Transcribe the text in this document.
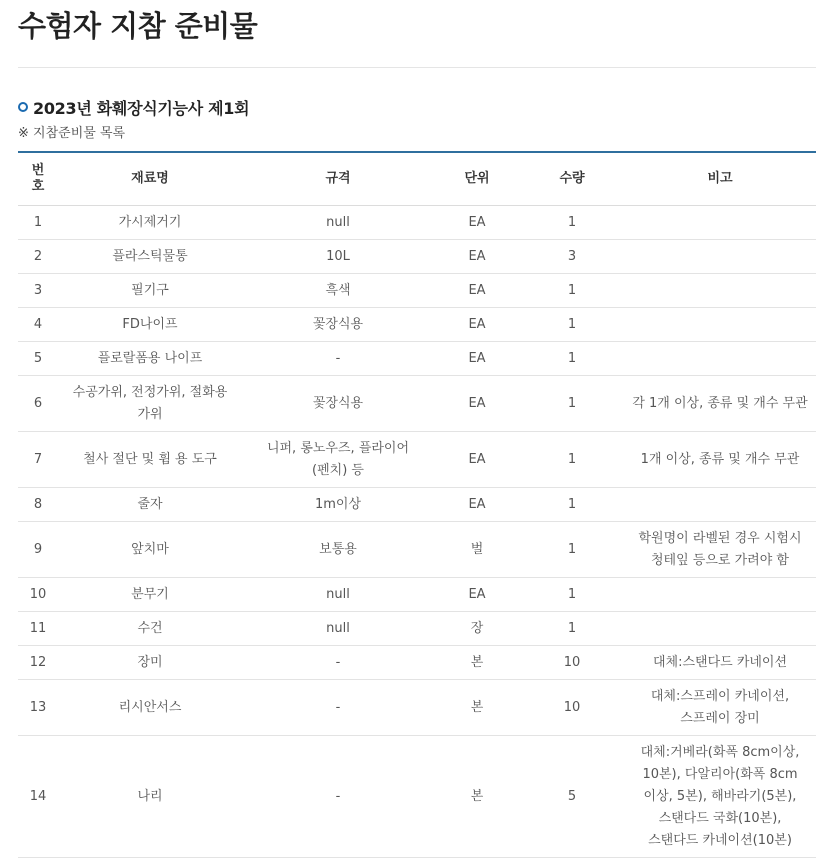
수험자 지참 준비물
2023년 화훼장식기능사 제1회
※ 지참준비물 목록
번호	재료명	규격	단위	수량	비고
1	가시제거기	null	EA	1	
2	플라스틱물통	10L	EA	3	
3	필기구	흑색	EA	1	
4	FD나이프	꽃장식용	EA	1	
5	플로랄폼용 나이프	-	EA	1	
6	수공가위, 전정가위, 절화용 가위	꽃장식용	EA	1	각 1개 이상, 종류 및 개수 무관
7	철사 절단 및 휨 용 도구	니퍼, 롱노우즈, 플라이어(펜치) 등	EA	1	1개 이상, 종류 및 개수 무관
8	줄자	1m이상	EA	1	
9	앞치마	보통용	벌	1	학원명이 라벨된 경우 시험시 청테잎 등으로 가려야 함
10	분무기	null	EA	1	
11	수건	null	장	1	
12	장미	-	본	10	대체:스탠다드 카네이션
13	리시안서스	-	본	10	대체:스프레이 카네이션, 스프레이 장미
14	나리	-	본	5	대체:거베라(화폭 8cm이상, 10본), 다알리아(화폭 8cm 이상, 5본), 해바라기(5본), 스탠다드 국화(10본), 스탠다드 카네이션(10본)
